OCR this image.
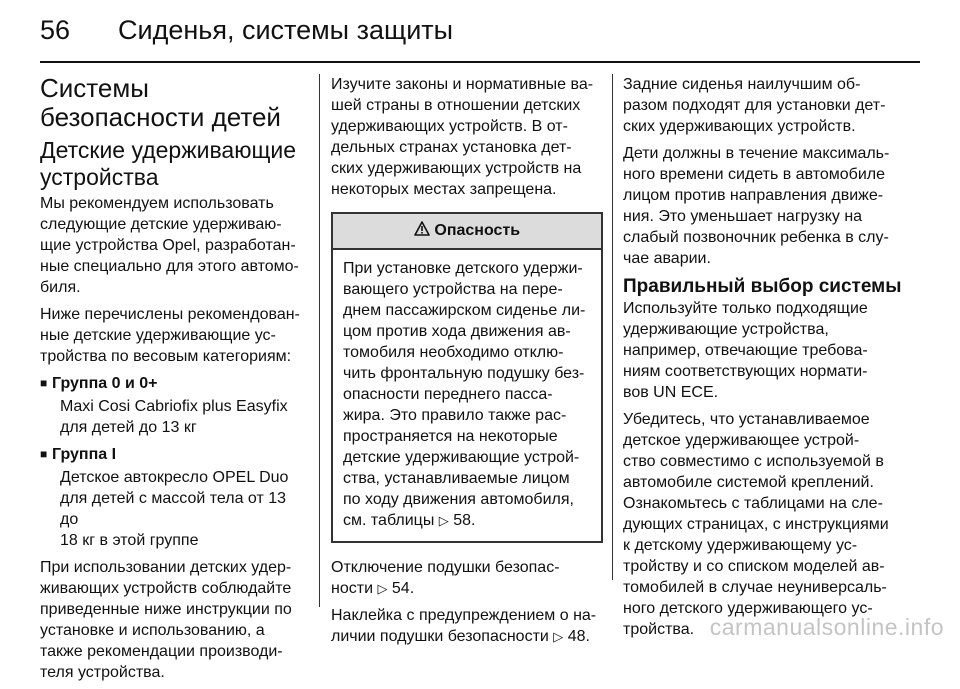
56 Сиденья, системы защиты
Системы
безопасности детей
Детские удерживающие
устройства

Мы рекомендуем использовать
следующие детские удерживаю-
щие устройства Opel, разработан-
ные специально для этого автомо-
биля.

Ниже перечислены рекомендован-
ные детские удерживающие ус-
тройства по весовым категориям:

■ Группа 0 и 0+
Maxi Cosi Cabriofix plus Easyfix
для детей до 13 кг
■ Группа I
Детское автокресло OPEL Duo
для детей с массой тела от 13 до
18 кг в этой группе

При использовании детских удер-
живающих устройств соблюдайте
приведенные ниже инструкции по
установке и использованию, а
также рекомендации производи-
теля устройства.

Изучите законы и нормативные ва-
шей страны в отношении детских
удерживающих устройств. В от-
дельных странах установка дет-
ских удерживающих устройств на
некоторых местах запрещена.

Опасность
При установке детского удержи-
вающего устройства на пере-
днем пассажирском сиденье ли-
цом против хода движения ав-
томобиля необходимо отклю-
чить фронтальную подушку без-
опасности переднего пасса-
жира. Это правило также рас-
пространяется на некоторые
детские удерживающие устрой-
ства, устанавливаемые лицом
по ходу движения автомобиля,
см. таблицы ▷ 58.

Отключение подушки безопас-
ности ▷ 54.

Наклейка с предупреждением о на-
личии подушки безопасности ▷ 48.

Задние сиденья наилучшим об-
разом подходят для установки дет-
ских удерживающих устройств.

Дети должны в течение максималь-
ного времени сидеть в автомобиле
лицом против направления движе-
ния. Это уменьшает нагрузку на
слабый позвоночник ребенка в слу-
чае аварии.

Правильный выбор системы

Используйте только подходящие
удерживающие устройства,
например, отвечающие требова-
ниям соответствующих нормати-
вов UN ECE.

Убедитесь, что устанавливаемое
детское удерживающее устрой-
ство совместимо с используемой в
автомобиле системой креплений.
Ознакомьтесь с таблицами на сле-
дующих страницах, с инструкциями
к детскому удерживающему ус-
тройству и со списком моделей ав-
томобилей в случае неуниверсаль-
ного детского удерживающего ус-
тройства. carmanualsonline.info
